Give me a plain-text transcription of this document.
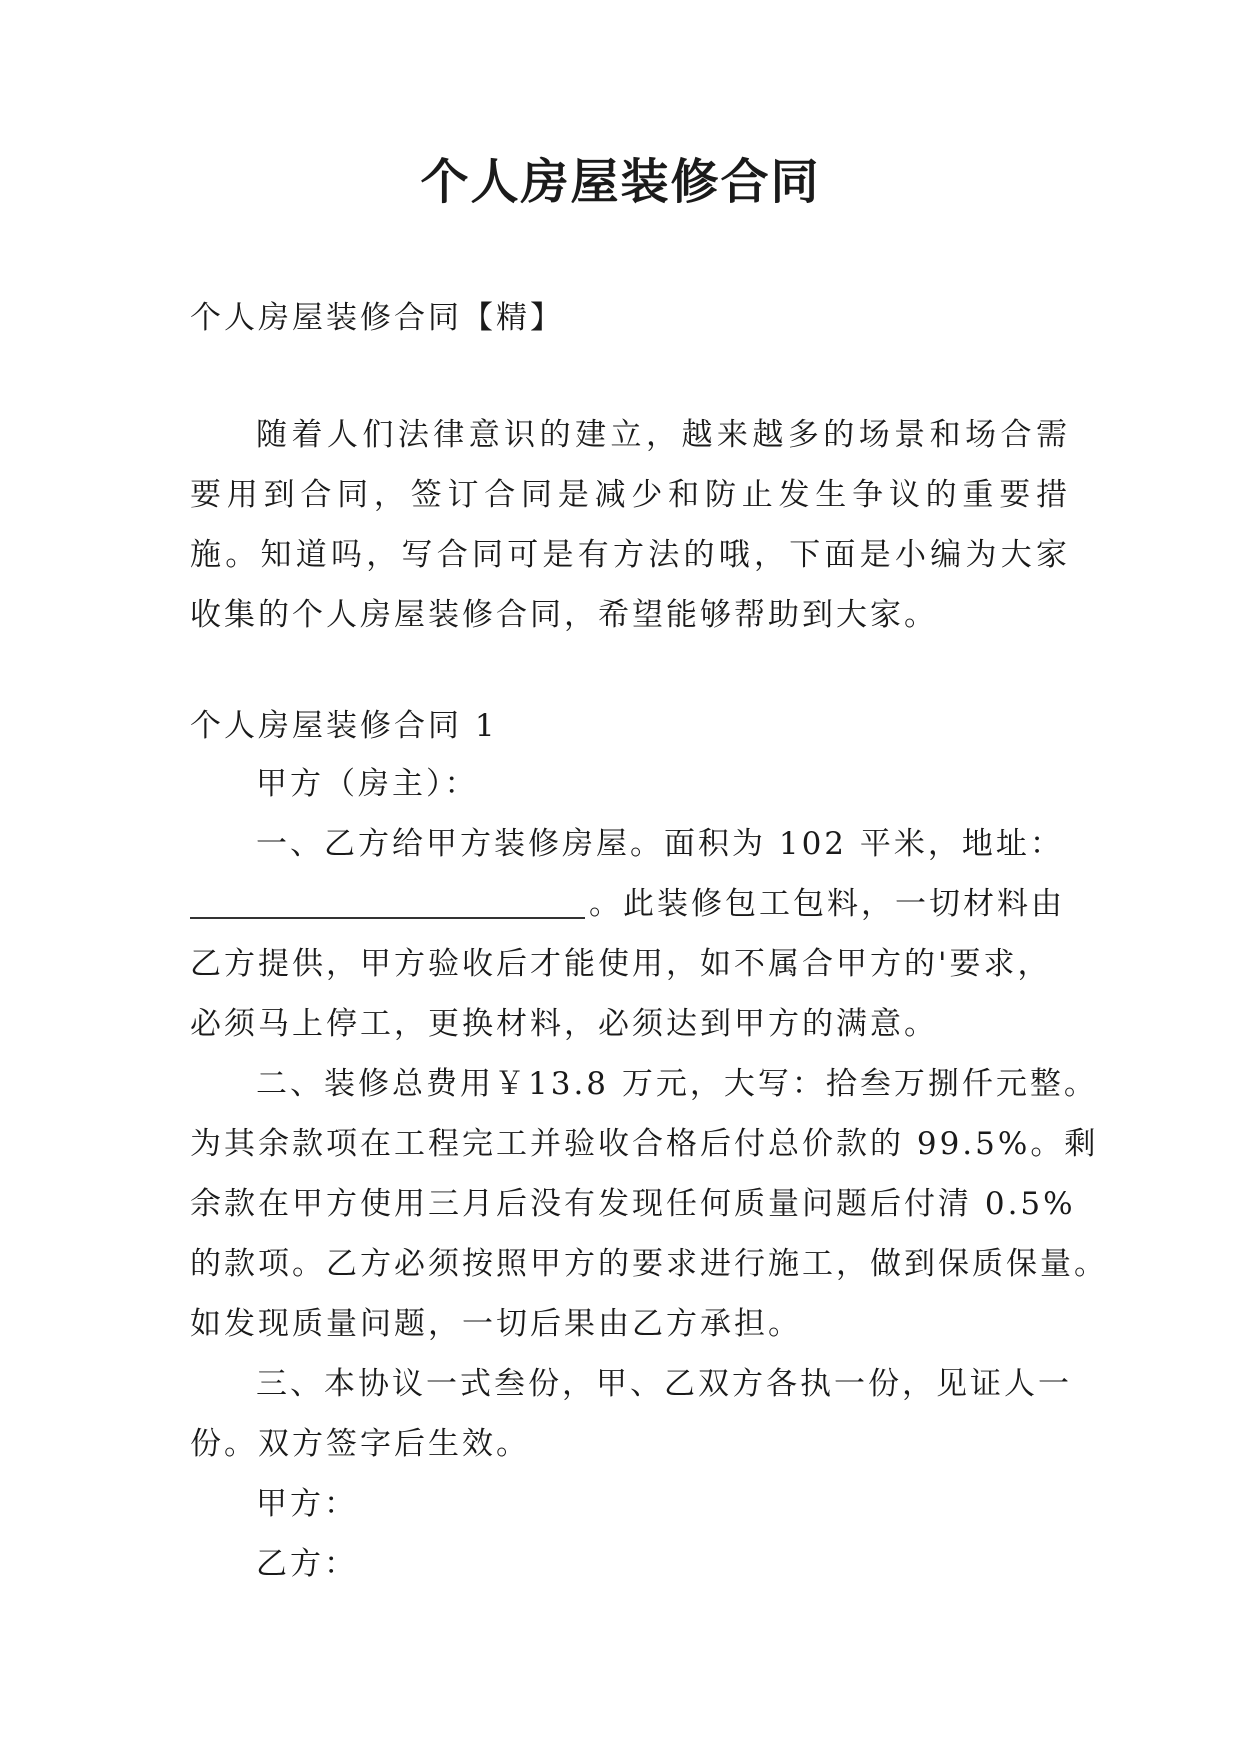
个人房屋装修合同
个人房屋装修合同【精】

随着人们法律意识的建立，越来越多的场景和场合需要用到合同，签订合同是减少和防止发生争议的重要措施。知道吗，写合同可是有方法的哦，下面是小编为大家收集的个人房屋装修合同，希望能够帮助到大家。

个人房屋装修合同 1
甲方（房主）：
一、乙方给甲方装修房屋。面积为 102 平米，地址：
。此装修包工包料，一切材料由
乙方提供，甲方验收后才能使用，如不属合甲方的'要求，
必须马上停工，更换材料，必须达到甲方的满意。
二、装修总费用￥13.8 万元，大写：拾叁万捌仟元整。
为其余款项在工程完工并验收合格后付总价款的 99.5%。剩
余款在甲方使用三月后没有发现任何质量问题后付清 0.5%
的款项。乙方必须按照甲方的要求进行施工，做到保质保量。
如发现质量问题，一切后果由乙方承担。
三、本协议一式叁份，甲、乙双方各执一份，见证人一
份。双方签字后生效。
甲方：
乙方：
